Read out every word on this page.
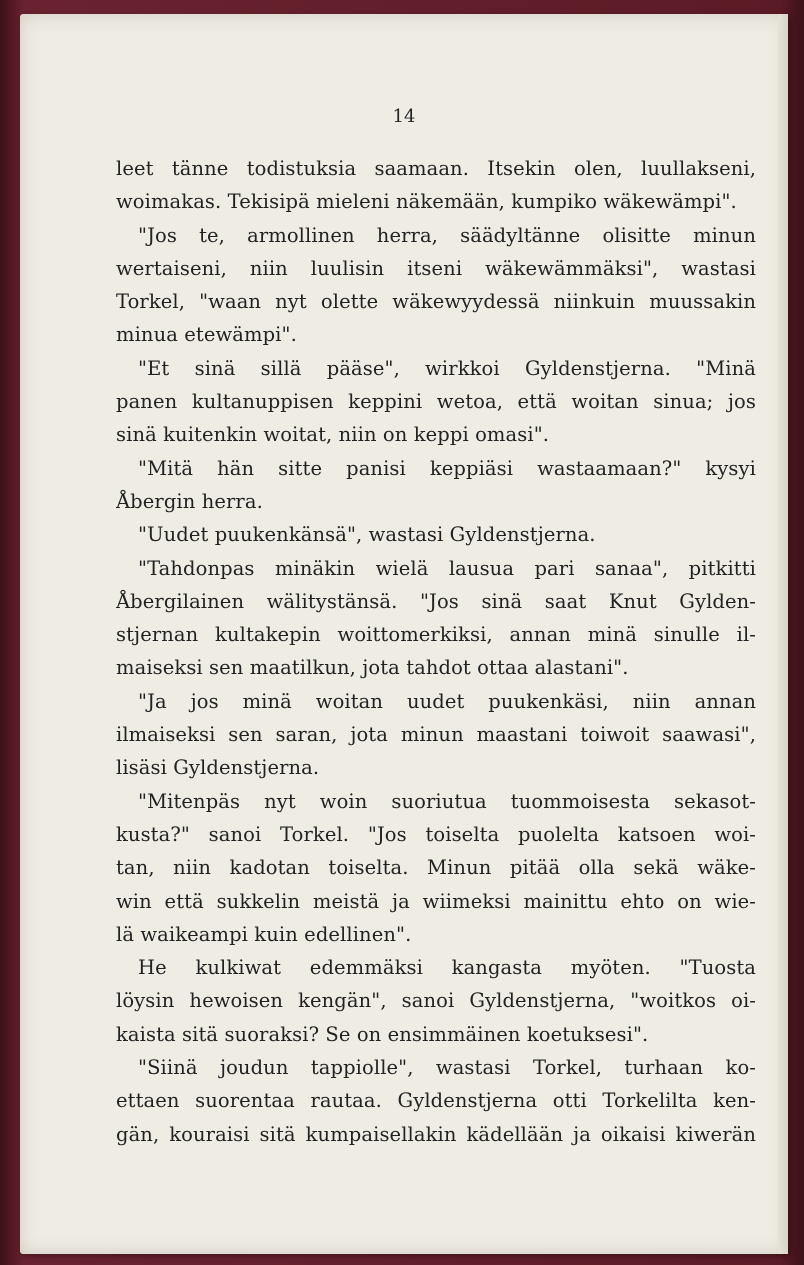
14
leet tänne todistuksia saamaan. Itsekin olen, luullakseni,
woimakas. Tekisipä mieleni näkemään, kumpiko wäkewämpi".
"Jos te, armollinen herra, säädyltänne olisitte minun
wertaiseni, niin luulisin itseni wäkewämmäksi", wastasi
Torkel, "waan nyt olette wäkewyydessä niinkuin muussakin
minua etewämpi".
"Et sinä sillä pääse", wirkkoi Gyldenstjerna. "Minä
panen kultanuppisen keppini wetoa, että woitan sinua; jos
sinä kuitenkin woitat, niin on keppi omasi".
"Mitä hän sitte panisi keppiäsi wastaamaan?" kysyi
Åbergin herra.
"Uudet puukenkänsä", wastasi Gyldenstjerna.
"Tahdonpas minäkin wielä lausua pari sanaa", pitkitti
Åbergilainen wälitystänsä. "Jos sinä saat Knut Gylden-
stjernan kultakepin woittomerkiksi, annan minä sinulle il-
maiseksi sen maatilkun, jota tahdot ottaa alastani".
"Ja jos minä woitan uudet puukenkäsi, niin annan
ilmaiseksi sen saran, jota minun maastani toiwoit saawasi",
lisäsi Gyldenstjerna.
"Mitenpäs nyt woin suoriutua tuommoisesta sekasot-
kusta?" sanoi Torkel. "Jos toiselta puolelta katsoen woi-
tan, niin kadotan toiselta. Minun pitää olla sekä wäke-
win että sukkelin meistä ja wiimeksi mainittu ehto on wie-
lä waikeampi kuin edellinen".
He kulkiwat edemmäksi kangasta myöten. "Tuosta
löysin hewoisen kengän", sanoi Gyldenstjerna, "woitkos oi-
kaista sitä suoraksi? Se on ensimmäinen koetuksesi".
"Siinä joudun tappiolle", wastasi Torkel, turhaan ko-
ettaen suorentaa rautaa. Gyldenstjerna otti Torkelilta ken-
gän, kouraisi sitä kumpaisellakin kädellään ja oikaisi kiwerän
